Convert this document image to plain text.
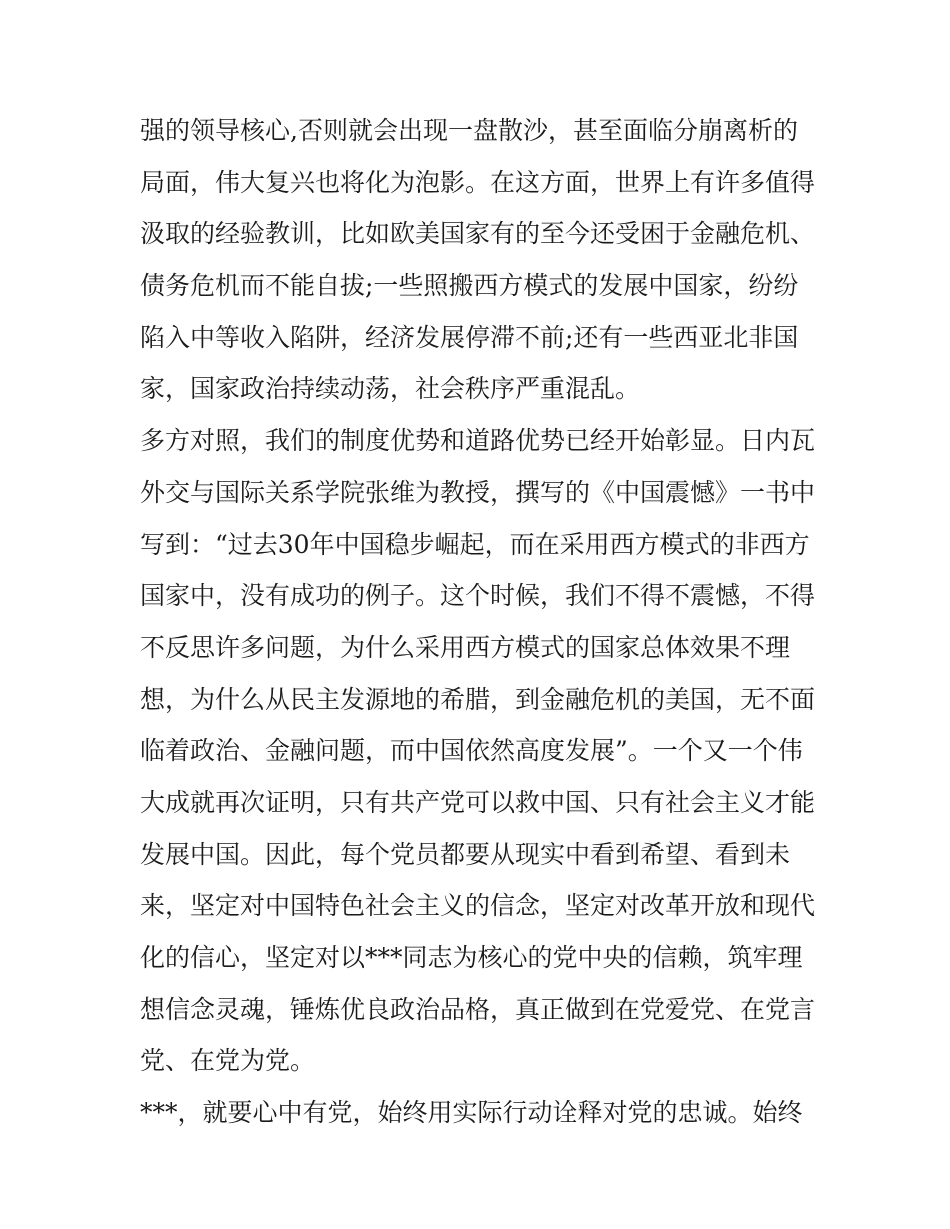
强的领导核心,否则就会出现一盘散沙，甚至面临分崩离析的
局面，伟大复兴也将化为泡影。在这方面，世界上有许多值得
汲取的经验教训，比如欧美国家有的至今还受困于金融危机、
债务危机而不能自拔;一些照搬西方模式的发展中国家，纷纷
陷入中等收入陷阱，经济发展停滞不前;还有一些西亚北非国
家，国家政治持续动荡，社会秩序严重混乱。
多方对照，我们的制度优势和道路优势已经开始彰显。日内瓦
外交与国际关系学院张维为教授，撰写的《中国震憾》一书中
写到：“过去30年中国稳步崛起，而在采用西方模式的非西方
国家中，没有成功的例子。这个时候，我们不得不震憾，不得
不反思许多问题，为什么采用西方模式的国家总体效果不理
想，为什么从民主发源地的希腊，到金融危机的美国，无不面
临着政治、金融问题，而中国依然高度发展”。一个又一个伟
大成就再次证明，只有共产党可以救中国、只有社会主义才能
发展中国。因此，每个党员都要从现实中看到希望、看到未
来，坚定对中国特色社会主义的信念，坚定对改革开放和现代
化的信心，坚定对以***同志为核心的党中央的信赖，筑牢理
想信念灵魂，锤炼优良政治品格，真正做到在党爱党、在党言
党、在党为党。
***，就要心中有党，始终用实际行动诠释对党的忠诚。始终
